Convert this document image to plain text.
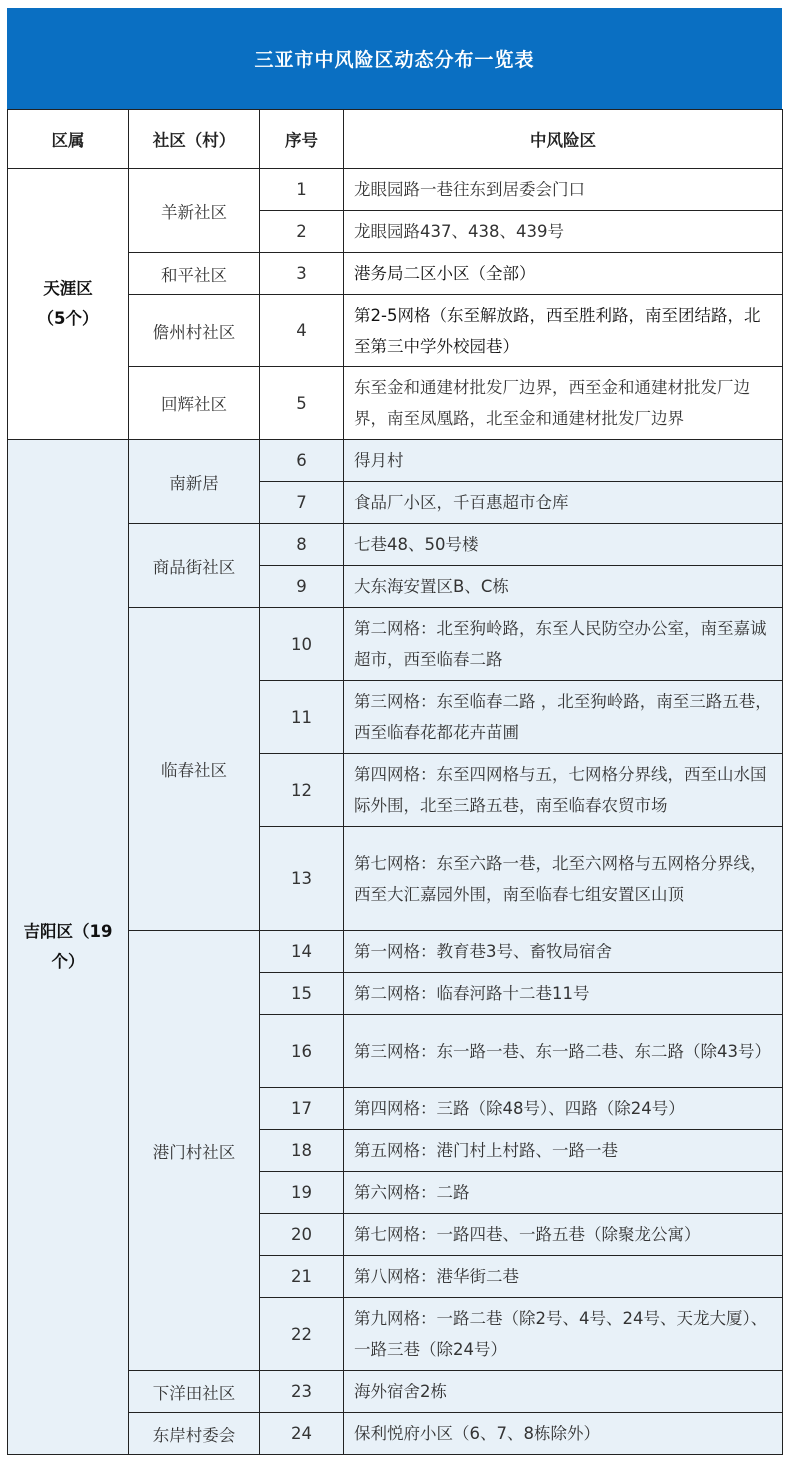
三亚市中风险区动态分布一览表
区属	社区（村）	序号	中风险区

天涯区
（5个）	羊新社区	1	龙眼园路一巷往东到居委会门口
		2	龙眼园路437、438、439号
	和平社区	3	港务局二区小区（全部）
	儋州村社区	4	第2-5网格（东至解放路，西至胜利路，南至团结路，北至第三中学外校园巷）
	回辉社区	5	东至金和通建材批发厂边界，西至金和通建材批发厂边界，南至凤凰路，北至金和通建材批发厂边界

吉阳区（19
个）	南新居	6	得月村
		7	食品厂小区，千百惠超市仓库
	商品街社区	8	七巷48、50号楼
		9	大东海安置区B、C栋
	临春社区	10	第二网格：北至狗岭路，东至人民防空办公室，南至嘉诚超市，西至临春二路
		11	第三网格：东至临春二路 ，北至狗岭路，南至三路五巷，西至临春花都花卉苗圃
		12	第四网格：东至四网格与五，七网格分界线，西至山水国际外围，北至三路五巷，南至临春农贸市场
		13	第七网格：东至六路一巷，北至六网格与五网格分界线，西至大汇嘉园外围，南至临春七组安置区山顶
	港门村社区	14	第一网格：教育巷3号、畜牧局宿舍
		15	第二网格：临春河路十二巷11号
		16	第三网格：东一路一巷、东一路二巷、东二路（除43号）
		17	第四网格：三路（除48号）、四路（除24号）
		18	第五网格：港门村上村路、一路一巷
		19	第六网格：二路
		20	第七网格：一路四巷、一路五巷（除聚龙公寓）
		21	第八网格：港华街二巷
		22	第九网格：一路二巷（除2号、4号、24号、天龙大厦）、一路三巷（除24号）
	下洋田社区	23	海外宿舍2栋
	东岸村委会	24	保利悦府小区（6、7、8栋除外）
